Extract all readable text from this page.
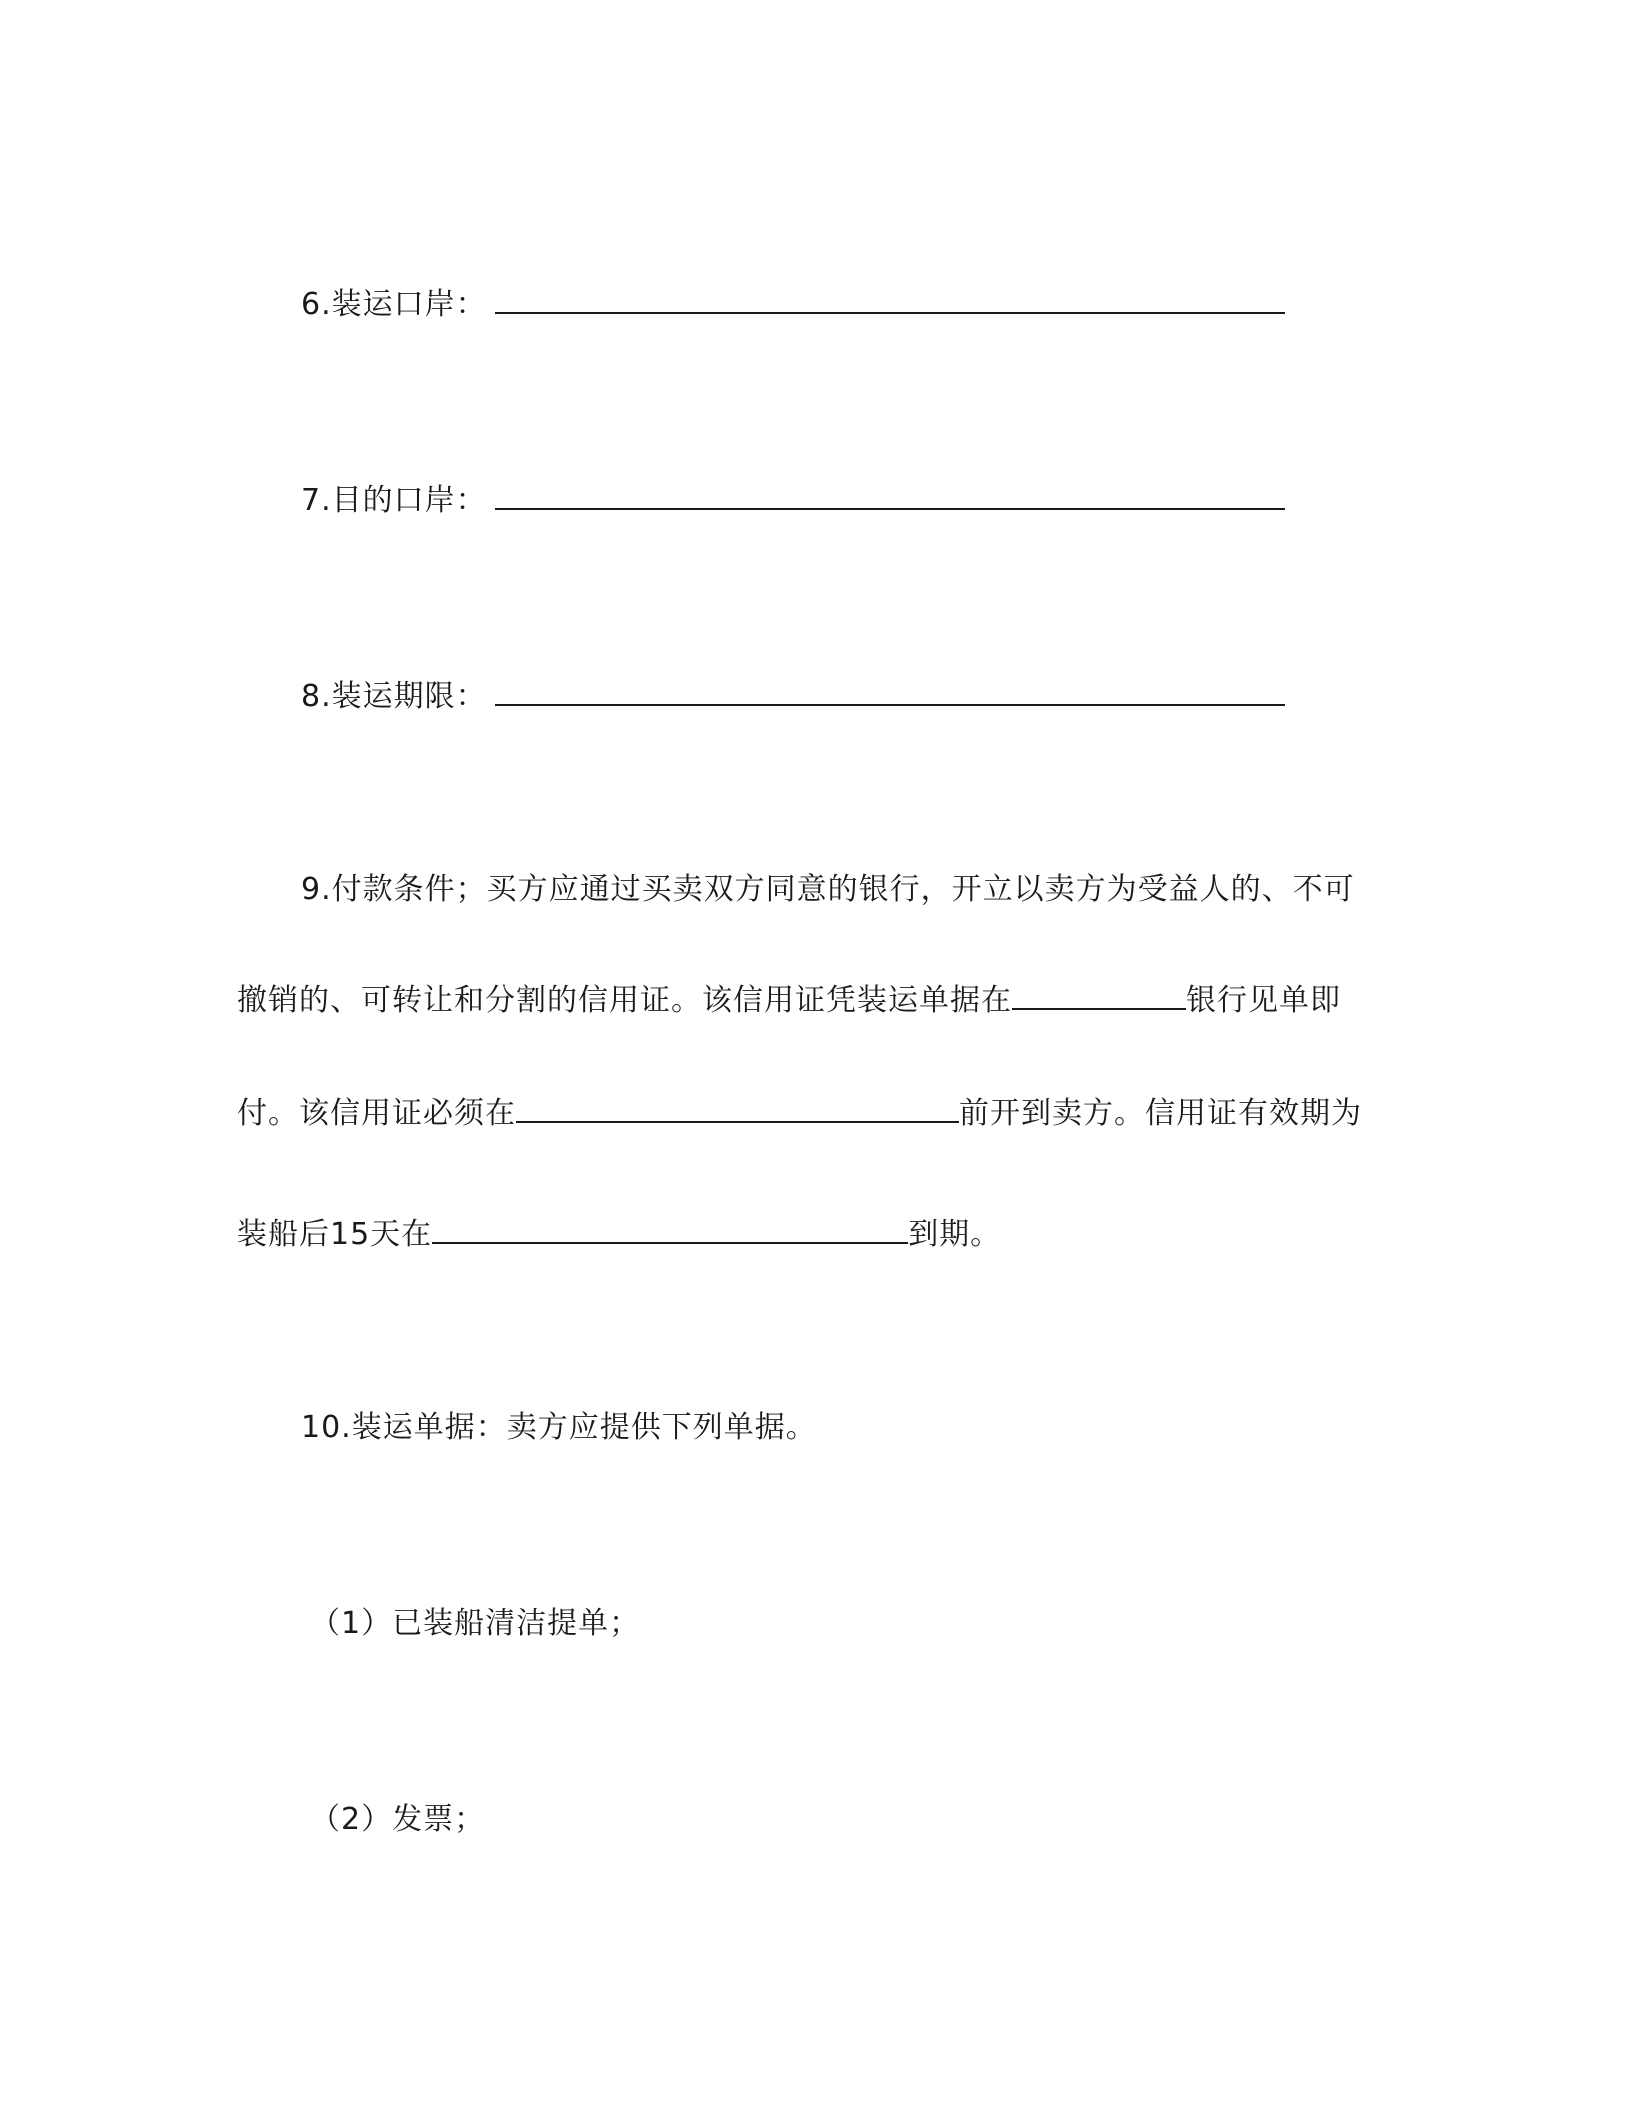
6.装运口岸：
7.目的口岸：
8.装运期限：
9.付款条件；买方应通过买卖双方同意的银行，开立以卖方为受益人的、不可
撤销的、可转让和分割的信用证。该信用证凭装运单据在	银行见单即
付。该信用证必须在	前开到卖方。信用证有效期为
装船后15天在	到期。
10.装运单据：卖方应提供下列单据。
（1）已装船清洁提单；
（2）发票；
